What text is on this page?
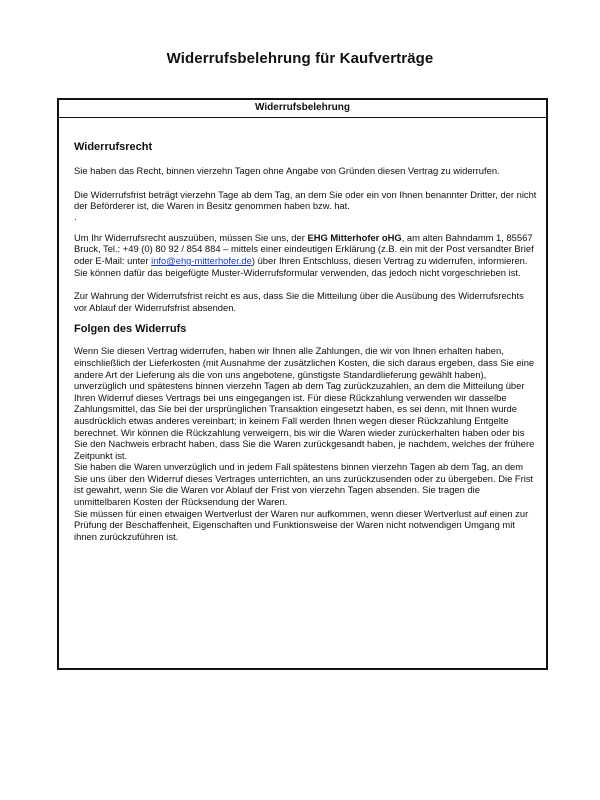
Widerrufsbelehrung für Kaufverträge
Widerrufsbelehrung
Widerrufsrecht

Sie haben das Recht, binnen vierzehn Tagen ohne Angabe von Gründen diesen Vertrag zu widerrufen.

Die Widerrufsfrist beträgt vierzehn Tage ab dem Tag, an dem Sie oder ein von Ihnen benannter Dritter, der nicht der Beförderer ist, die Waren in Besitz genommen haben bzw. hat.

.

Um Ihr Widerrufsrecht auszuüben, müssen Sie uns, der EHG Mitterhofer oHG, am alten Bahndamm 1, 85567 Bruck, Tel.: +49 (0) 80 92 / 854 884 – mittels einer eindeutigen Erklärung (z.B. ein mit der Post versandter Brief oder E-Mail: unter info@ehg-mitterhofer.de) über Ihren Entschluss, diesen Vertrag zu widerrufen, informieren. Sie können dafür das beigefügte Muster-Widerrufsformular verwenden, das jedoch nicht vorgeschrieben ist.

Zur Wahrung der Widerrufsfrist reicht es aus, dass Sie die Mitteilung über die Ausübung des Widerrufsrechts vor Ablauf der Widerrufsfrist absenden.

Folgen des Widerrufs

Wenn Sie diesen Vertrag widerrufen, haben wir Ihnen alle Zahlungen, die wir von Ihnen erhalten haben, einschließlich der Lieferkosten (mit Ausnahme der zusätzlichen Kosten, die sich daraus ergeben, dass Sie eine andere Art der Lieferung als die von uns angebotene, günstigste Standardlieferung gewählt haben), unverzüglich und spätestens binnen vierzehn Tagen ab dem Tag zurückzuzahlen, an dem die Mitteilung über Ihren Widerruf dieses Vertrags bei uns eingegangen ist. Für diese Rückzahlung verwenden wir dasselbe Zahlungsmittel, das Sie bei der ursprünglichen Transaktion eingesetzt haben, es sei denn, mit Ihnen wurde ausdrücklich etwas anderes vereinbart; in keinem Fall werden Ihnen wegen dieser Rückzahlung Entgelte berechnet. Wir können die Rückzahlung verweigern, bis wir die Waren wieder zurückerhalten haben oder bis Sie den Nachweis erbracht haben, dass Sie die Waren zurückgesandt haben, je nachdem, welches der frühere Zeitpunkt ist.

Sie haben die Waren unverzüglich und in jedem Fall spätestens binnen vierzehn Tagen ab dem Tag, an dem Sie uns über den Widerruf dieses Vertrages unterrichten, an uns zurückzusenden oder zu übergeben. Die Frist ist gewahrt, wenn Sie die Waren vor Ablauf der Frist von vierzehn Tagen absenden. Sie tragen die unmittelbaren Kosten der Rücksendung der Waren.

Sie müssen für einen etwaigen Wertverlust der Waren nur aufkommen, wenn dieser Wertverlust auf einen zur Prüfung der Beschaffenheit, Eigenschaften und Funktionsweise der Waren nicht notwendigen Umgang mit ihnen zurückzuführen ist.
